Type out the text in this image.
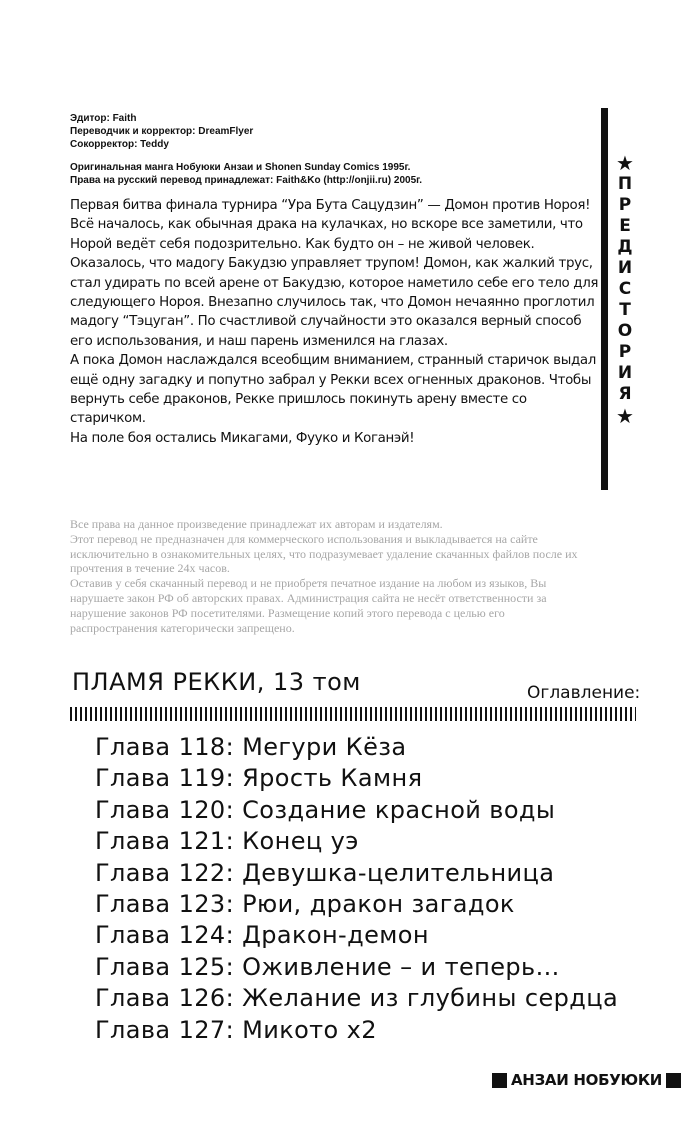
Эдитор: Faith
Переводчик и корректор: DreamFlyer
Сокорректор: Teddy
Оригинальная манга Нобуюки Анзаи и Shonen Sunday Comics 1995г.
Права на русский перевод принадлежат: Faith&Ko (http://onjii.ru) 2005г.

Первая битва финала турнира “Ура Бута Сацудзин” — Домон против Нороя! Всё началось, как обычная драка на кулачках, но вскоре все заметили, что Норой ведёт себя подозрительно. Как будто он – не живой человек. Оказалось, что мадогу Бакудзю управляет трупом! Домон, как жалкий трус, стал удирать по всей арене от Бакудзю, которое наметило себе его тело для следующего Нороя. Внезапно случилось так, что Домон нечаянно проглотил мадогу “Тэцуган”. По счастливой случайности это оказался верный способ его использования, и наш парень изменился на глазах.

А пока Домон наслаждался всеобщим вниманием, странный старичок выдал ещё одну загадку и попутно забрал у Рекки всех огненных драконов. Чтобы вернуть себе драконов, Рекке пришлось покинуть арену вместе со старичком.

На поле боя остались Микагами, Фууко и Коганэй!

★
П
Р
Е
Д
И
С
Т
О
Р
И
Я
★

Все права на данное произведение принадлежат их авторам и издателям.

Этот перевод не предназначен для коммерческого использования и выкладывается на сайте исключительно в ознакомительных целях, что подразумевает удаление скачанных файлов после их прочтения в течение 24х часов.

Оставив у себя скачанный перевод и не приобретя печатное издание на любом из языков, Вы нарушаете закон РФ об авторских правах. Администрация сайта не несёт ответственности за нарушение законов РФ посетителями. Размещение копий этого перевода с целью его распространения категорически запрещено.

ПЛАМЯ РЕККИ, 13 том	Оглавление:
Глава 118: Мегури Кёза
Глава 119: Ярость Камня
Глава 120: Создание красной воды
Глава 121: Конец уэ
Глава 122: Девушка-целительница
Глава 123: Рюи, дракон загадок
Глава 124: Дракон-демон
Глава 125: Оживление – и теперь...
Глава 126: Желание из глубины сердца
Глава 127: Микото х2
АНЗАИ НОБУЮКИ
